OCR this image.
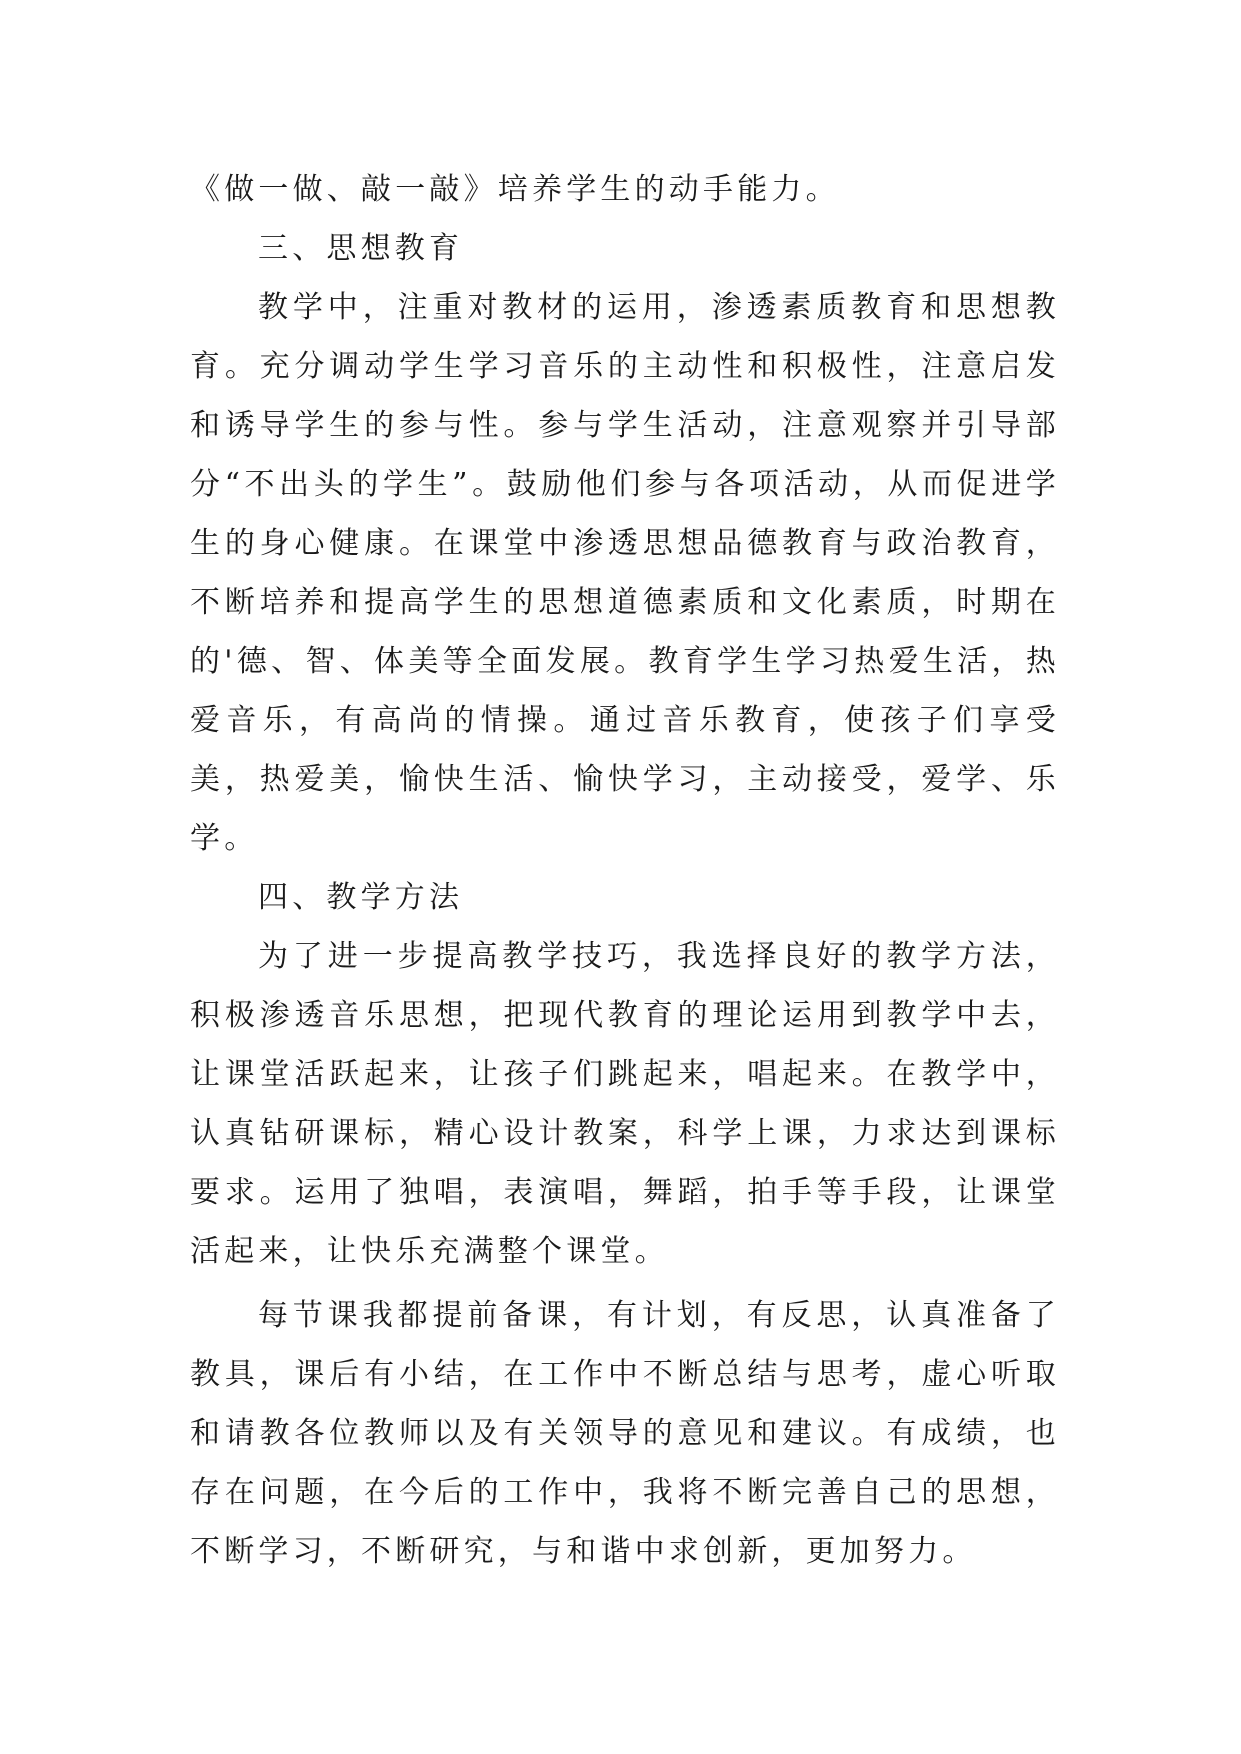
《做一做、敲一敲》培养学生的动手能力。

三、思想教育

教学中，注重对教材的运用，渗透素质教育和思想教育。充分调动学生学习音乐的主动性和积极性，注意启发和诱导学生的参与性。参与学生活动，注意观察并引导部分“不出头的学生”。鼓励他们参与各项活动，从而促进学生的身心健康。在课堂中渗透思想品德教育与政治教育，不断培养和提高学生的思想道德素质和文化素质，时期在的'德、智、体美等全面发展。教育学生学习热爱生活，热爱音乐，有高尚的情操。通过音乐教育，使孩子们享受美，热爱美，愉快生活、愉快学习，主动接受，爱学、乐学。

四、教学方法

为了进一步提高教学技巧，我选择良好的教学方法，积极渗透音乐思想，把现代教育的理论运用到教学中去，让课堂活跃起来，让孩子们跳起来，唱起来。在教学中，认真钻研课标，精心设计教案，科学上课，力求达到课标要求。运用了独唱，表演唱，舞蹈，拍手等手段，让课堂活起来，让快乐充满整个课堂。

每节课我都提前备课，有计划，有反思，认真准备了教具，课后有小结，在工作中不断总结与思考，虚心听取和请教各位教师以及有关领导的意见和建议。有成绩，也存在问题，在今后的工作中，我将不断完善自己的思想，不断学习，不断研究，与和谐中求创新，更加努力。
